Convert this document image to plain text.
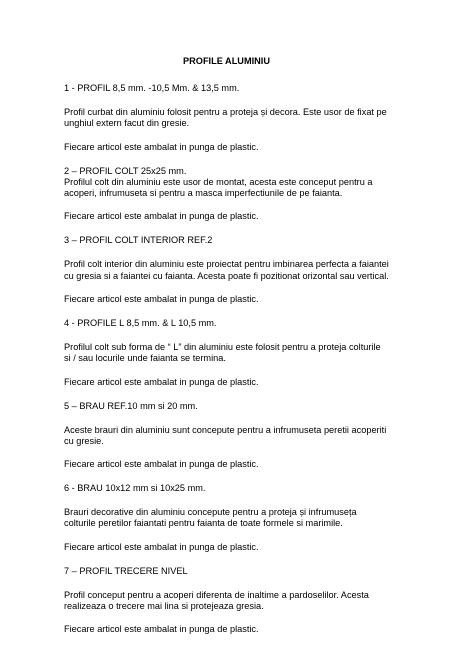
PROFILE ALUMINIU
1 - PROFIL 8,5 mm. -10,5 Mm. & 13,5 mm.
Profil curbat din aluminiu folosit pentru a proteja și decora. Este usor de fixat pe
unghiul extern facut din gresie.
Fiecare articol este ambalat in punga de plastic.
2 – PROFIL COLT 25x25 mm.
Profilul colt din aluminiu este usor de montat, acesta este conceput pentru a
acoperi, infrumuseta si pentru a masca imperfectiunile de pe faianta.
Fiecare articol este ambalat in punga de plastic.
3 – PROFIL COLT INTERIOR REF.2
Profil colt interior din aluminiu este proiectat pentru imbinarea perfecta a faiantei
cu gresia si a faiantei cu faianta. Acesta poate fi pozitionat orizontal sau vertical.
Fiecare articol este ambalat in punga de plastic.
4 - PROFILE L 8,5 mm. & L 10,5 mm.
Profilul colt sub forma de “ L” din aluminiu este folosit pentru a proteja colturile
si / sau locurile unde faianta se termina.
Fiecare articol este ambalat in punga de plastic.
5 – BRAU REF.10 mm si 20 mm.
Aceste brauri din aluminiu sunt concepute pentru a infrumuseta peretii acoperiti
cu gresie.
Fiecare articol este ambalat in punga de plastic.
6 - BRAU 10x12 mm si 10x25 mm.
Brauri decorative din aluminiu concepute pentru a proteja și infrumuseța
colturile peretilor faiantati pentru faianta de toate formele si marimile.
Fiecare articol este ambalat in punga de plastic.
7 – PROFIL TRECERE NIVEL
Profil conceput pentru a acoperi diferenta de inaltime a pardoselilor. Acesta
realizeaza o trecere mai lina si protejeaza gresia.
Fiecare articol este ambalat in punga de plastic.
